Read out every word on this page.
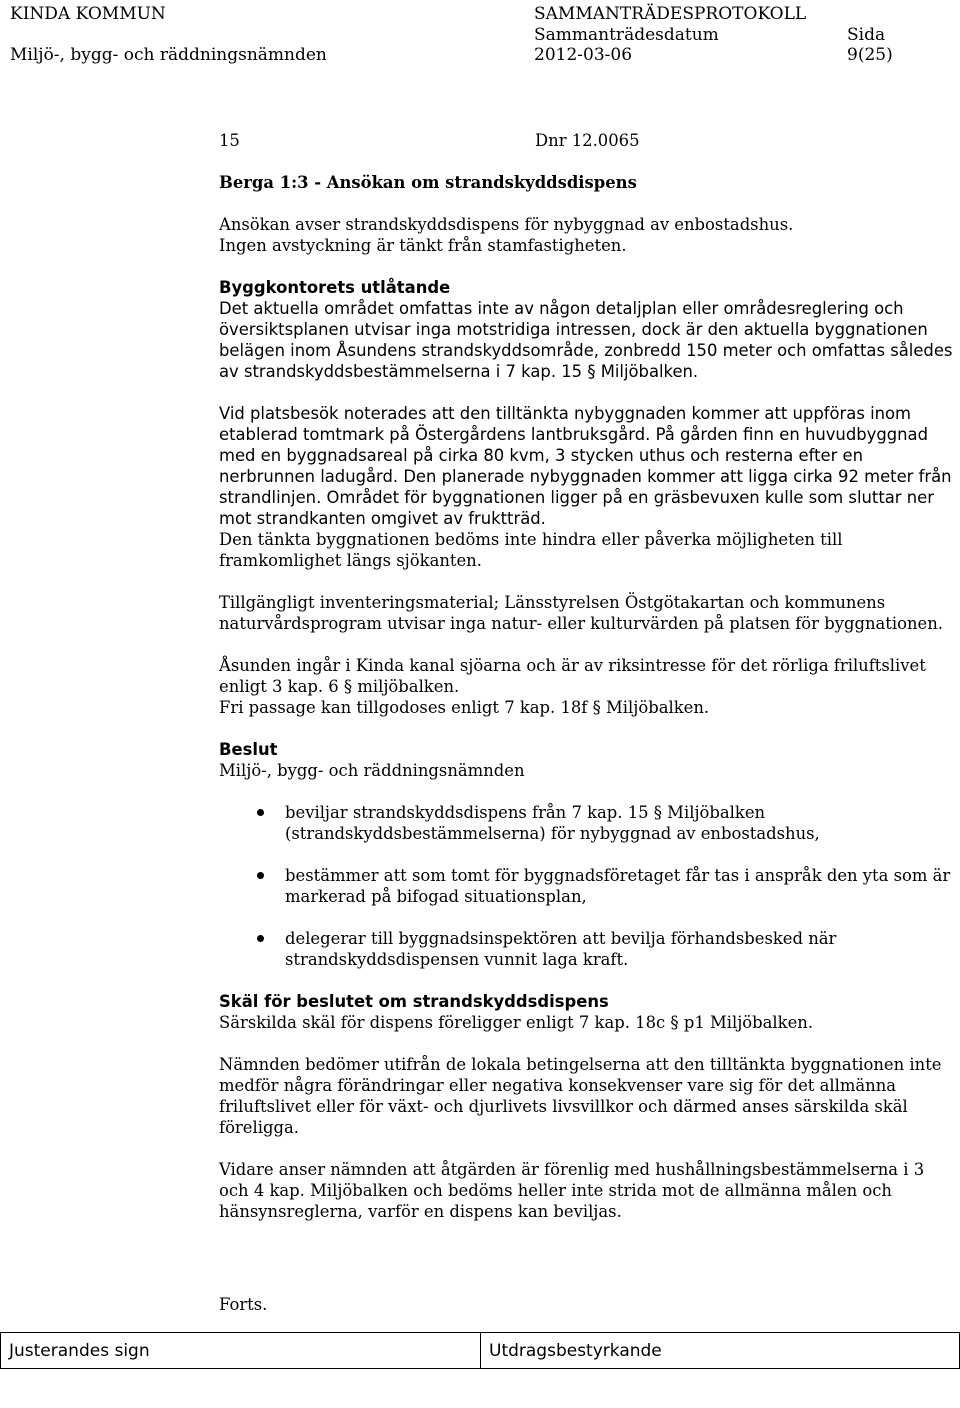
KINDA KOMMUN
Miljö-, bygg- och räddningsnämnden
SAMMANTRÄDESPROTOKOLL
Sammanträdesdatum
2012-03-06
Sida
9(25)
15	Dnr 12.0065

Berga 1:3 - Ansökan om strandskyddsdispens

Ansökan avser strandskyddsdispens för nybyggnad av enbostadshus.

Ingen avstyckning är tänkt från stamfastigheten.

Byggkontorets utlåtande

Det aktuella området omfattas inte av någon detaljplan eller områdesreglering och översiktsplanen utvisar inga motstridiga intressen, dock är den aktuella byggnationen belägen inom Åsundens strandskyddsområde, zonbredd 150 meter och omfattas således av strandskyddsbestämmelserna i 7 kap. 15 § Miljöbalken.

Vid platsbesök noterades att den tilltänkta nybyggnaden kommer att uppföras inom etablerad tomtmark på Östergårdens lantbruksgård. På gården finn en huvudbyggnad med en byggnadsareal på cirka 80 kvm, 3 stycken uthus och resterna efter en nerbrunnen ladugård. Den planerade nybyggnaden kommer att ligga cirka 92 meter från strandlinjen. Området för byggnationen ligger på en gräsbevuxen kulle som sluttar ner mot strandkanten omgivet av fruktträd.

Den tänkta byggnationen bedöms inte hindra eller påverka möjligheten till framkomlighet längs sjökanten.

Tillgängligt inventeringsmaterial; Länsstyrelsen Östgötakartan och kommunens naturvårdsprogram utvisar inga natur- eller kulturvärden på platsen för byggnationen.

Åsunden ingår i Kinda kanal sjöarna och är av riksintresse för det rörliga friluftslivet enligt 3 kap. 6 § miljöbalken.

Fri passage kan tillgodoses enligt 7 kap. 18f § Miljöbalken.

Beslut

Miljö-, bygg- och räddningsnämnden

beviljar strandskyddsdispens från 7 kap. 15 § Miljöbalken (strandskyddsbestämmelserna) för nybyggnad av enbostadshus,
bestämmer att som tomt för byggnadsföretaget får tas i anspråk den yta som är markerad på bifogad situationsplan,
delegerar till byggnadsinspektören att bevilja förhandsbesked när strandskyddsdispensen vunnit laga kraft.

Skäl för beslutet om strandskyddsdispens

Särskilda skäl för dispens föreligger enligt 7 kap. 18c § p1 Miljöbalken.

Nämnden bedömer utifrån de lokala betingelserna att den tilltänkta byggnationen inte medför några förändringar eller negativa konsekvenser vare sig för det allmänna friluftslivet eller för växt- och djurlivets livsvillkor och därmed anses särskilda skäl föreligga.

Vidare anser nämnden att åtgärden är förenlig med hushållningsbestämmelserna i 3 och 4 kap. Miljöbalken och bedöms heller inte strida mot de allmänna målen och hänsynsreglerna, varför en dispens kan beviljas.

Forts.
Justerandes sign	Utdragsbestyrkande
